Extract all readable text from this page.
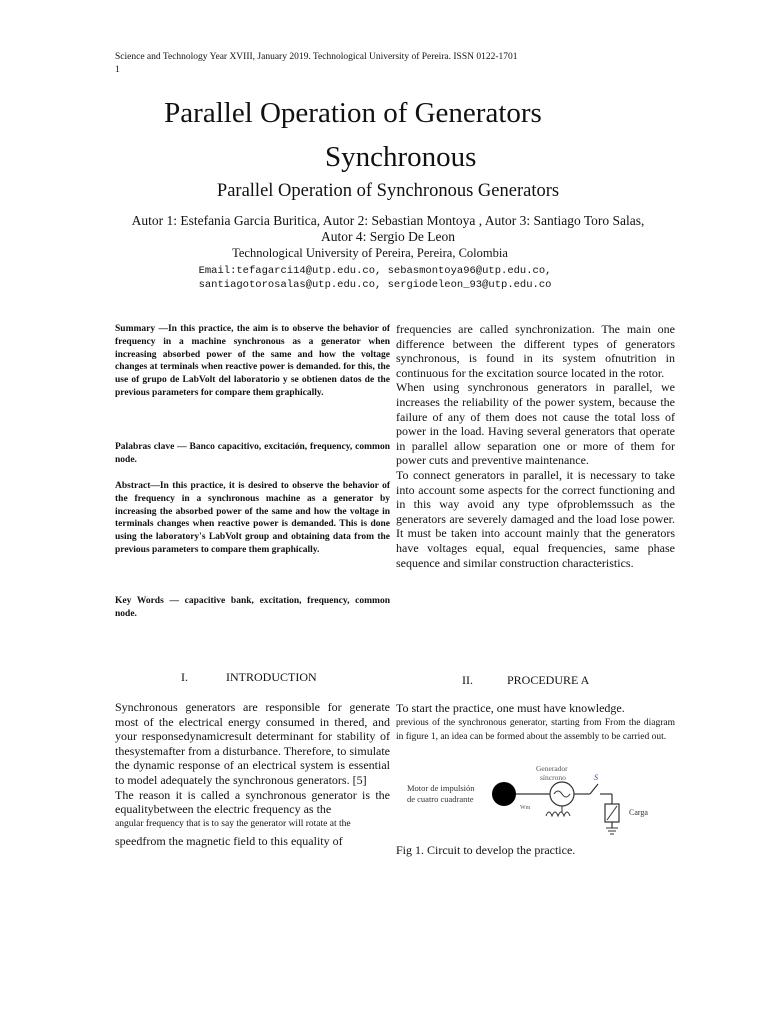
Science and Technology Year XVIII, January 2019. Technological University of Pereira. ISSN 0122-1701
1
Parallel Operation of Generators
Synchronous
Parallel Operation of Synchronous Generators
Autor 1: Estefania Garcia Buritica, Autor 2: Sebastian Montoya , Autor 3: Santiago Toro Salas,
Autor 4: Sergio De Leon
Technological University of Pereira, Pereira, Colombia
Email:tefagarci14@utp.edu.co, sebasmontoya96@utp.edu.co,
santiagotorosalas@utp.edu.co, sergiodeleon_93@utp.edu.co

Summary —In this practice, the aim is to observe the behavior of frequency in a machine synchronous as a generator when increasing absorbed power of the same and how the voltage changes at terminals when reactive power is demanded. for this, the use of grupo de LabVolt del laboratorio y se obtienen datos de the previous parameters for compare them graphically.

Palabras clave — Banco capacitivo, excitación, frequency, common node.

Abstract—In this practice, it is desired to observe the behavior of the frequency in a synchronous machine as a generator by increasing the absorbed power of the same and how the voltage in terminals changes when reactive power is demanded. This is done using the laboratory's LabVolt group and obtaining data from the previous parameters to compare them graphically.

Key Words — capacitive bank, excitation, frequency, common node.

I.	INTRODUCTION

Synchronous generators are responsible for generate most of the electrical energy consumed in thered, and your responsedynamicresult determinant for stability of thesystemafter from a disturbance. Therefore, to simulate the dynamic response of an electrical system is essential to model adequately the synchronous generators. [5]

The reason it is called a synchronous generator is the equalitybetween the electric frequency as the

angular frequency that is to say the generator will rotate at the

speedfrom the magnetic field to this equality of

frequencies are called synchronization. The main one difference between the different types of generators synchronous, is found in its system ofnutrition in continuous for the excitation source located in the rotor.

When using synchronous generators in parallel, we increases the reliability of the power system, because the failure of any of them does not cause the total loss of power in the load. Having several generators that operate in parallel allow separation one or more of them for power cuts and preventive maintenance.

To connect generators in parallel, it is necessary to take into account some aspects for the correct functioning and in this way avoid any type ofproblemssuch as the generators are severely damaged and the load lose power. It must be taken into account mainly that the generators have voltages equal, equal frequencies, same phase sequence and similar construction characteristics.

II.	PROCEDURE A

To start the practice, one must have knowledge.

previous of the synchronous generator, starting from From the diagram in figure 1, an idea can be formed about the assembly to be carried out.

Motor de impulsión
de cuatro cuadrante
Wm
Generador
síncrono	S
Carga
Fig 1. Circuit to develop the practice.
